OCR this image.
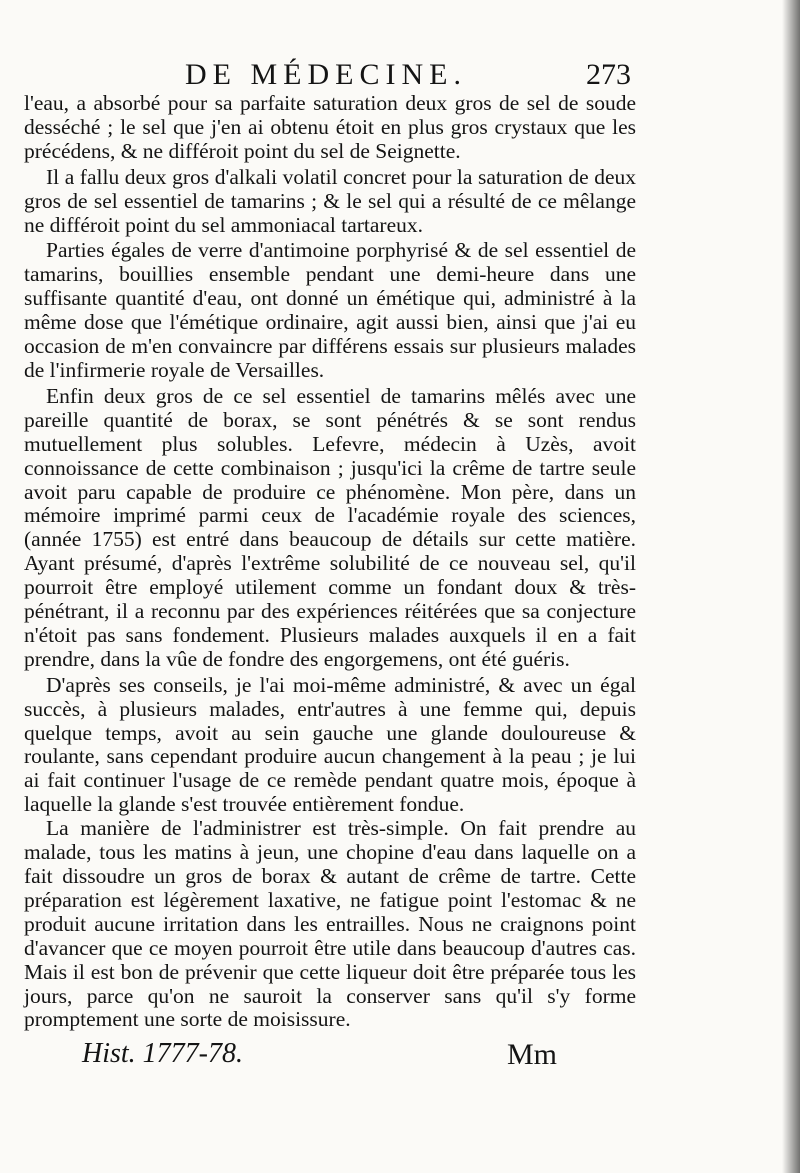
DE MÉDECINE.	273

l'eau, a absorbé pour sa parfaite saturation deux gros de sel de soude desséché ; le sel que j'en ai obtenu étoit en plus gros crystaux que les précédens, & ne différoit point du sel de Seignette.

Il a fallu deux gros d'alkali volatil concret pour la saturation de deux gros de sel essentiel de tamarins ; & le sel qui a résulté de ce mêlange ne différoit point du sel ammoniacal tartareux.

Parties égales de verre d'antimoine porphyrisé & de sel essentiel de tamarins, bouillies ensemble pendant une demi-heure dans une suffisante quantité d'eau, ont donné un émétique qui, administré à la même dose que l'émétique ordinaire, agit aussi bien, ainsi que j'ai eu occasion de m'en convaincre par différens essais sur plusieurs malades de l'infirmerie royale de Versailles.

Enfin deux gros de ce sel essentiel de tamarins mêlés avec une pareille quantité de borax, se sont pénétrés & se sont rendus mutuellement plus solubles. Lefevre, médecin à Uzès, avoit connoissance de cette combinaison ; jusqu'ici la crême de tartre seule avoit paru capable de produire ce phénomène. Mon père, dans un mémoire imprimé parmi ceux de l'académie royale des sciences, (année 1755) est entré dans beaucoup de détails sur cette matière. Ayant présumé, d'après l'extrême solubilité de ce nouveau sel, qu'il pourroit être employé utilement comme un fondant doux & très-pénétrant, il a reconnu par des expériences réitérées que sa conjecture n'étoit pas sans fondement. Plusieurs malades auxquels il en a fait prendre, dans la vûe de fondre des engorgemens, ont été guéris.

D'après ses conseils, je l'ai moi-même administré, & avec un égal succès, à plusieurs malades, entr'autres à une femme qui, depuis quelque temps, avoit au sein gauche une glande douloureuse & roulante, sans cependant produire aucun changement à la peau ; je lui ai fait continuer l'usage de ce remède pendant quatre mois, époque à laquelle la glande s'est trouvée entièrement fondue.

La manière de l'administrer est très-simple. On fait prendre au malade, tous les matins à jeun, une chopine d'eau dans laquelle on a fait dissoudre un gros de borax & autant de crême de tartre. Cette préparation est légèrement laxative, ne fatigue point l'estomac & ne produit aucune irritation dans les entrailles. Nous ne craignons point d'avancer que ce moyen pourroit être utile dans beaucoup d'autres cas. Mais il est bon de prévenir que cette liqueur doit être préparée tous les jours, parce qu'on ne sauroit la conserver sans qu'il s'y forme promptement une sorte de moisissure.

Hist. 1777-78.	Mm
